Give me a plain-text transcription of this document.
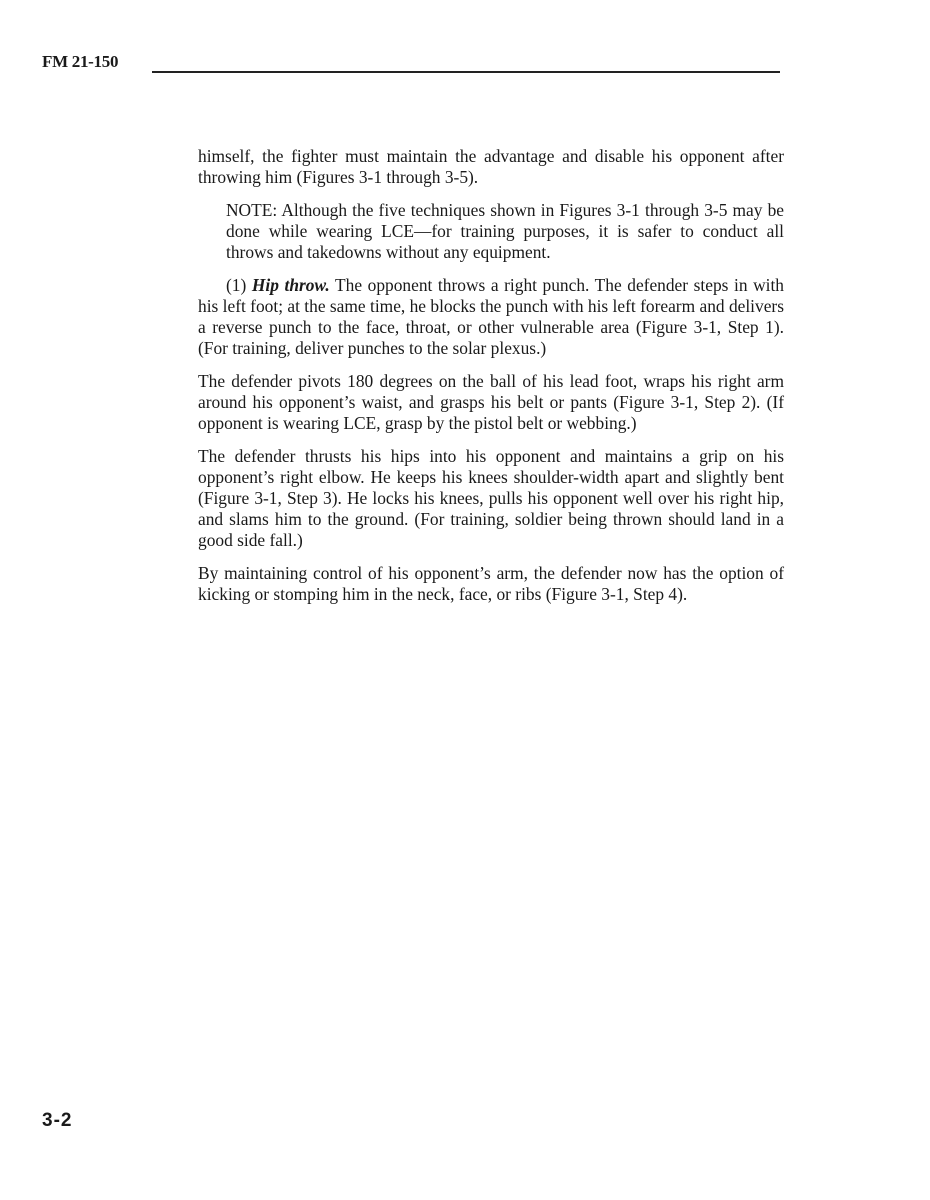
FM 21-150

himself, the fighter must maintain the advantage and disable his opponent after throwing him (Figures 3-1 through 3-5).

NOTE: Although the five techniques shown in Figures 3-1 through 3-5 may be done while wearing LCE—for training purposes, it is safer to conduct all throws and takedowns without any equipment.

(1) Hip throw. The opponent throws a right punch. The defender steps in with his left foot; at the same time, he blocks the punch with his left forearm and delivers a reverse punch to the face, throat, or other vulnerable area (Figure 3-1, Step 1). (For training, deliver punches to the solar plexus.)

The defender pivots 180 degrees on the ball of his lead foot, wraps his right arm around his opponent’s waist, and grasps his belt or pants (Figure 3-1, Step 2). (If opponent is wearing LCE, grasp by the pistol belt or webbing.)

The defender thrusts his hips into his opponent and maintains a grip on his opponent’s right elbow. He keeps his knees shoulder-width apart and slightly bent (Figure 3-1, Step 3). He locks his knees, pulls his opponent well over his right hip, and slams him to the ground. (For training, soldier being thrown should land in a good side fall.)

By maintaining control of his opponent’s arm, the defender now has the option of kicking or stomping him in the neck, face, or ribs (Figure 3-1, Step 4).

3-2
